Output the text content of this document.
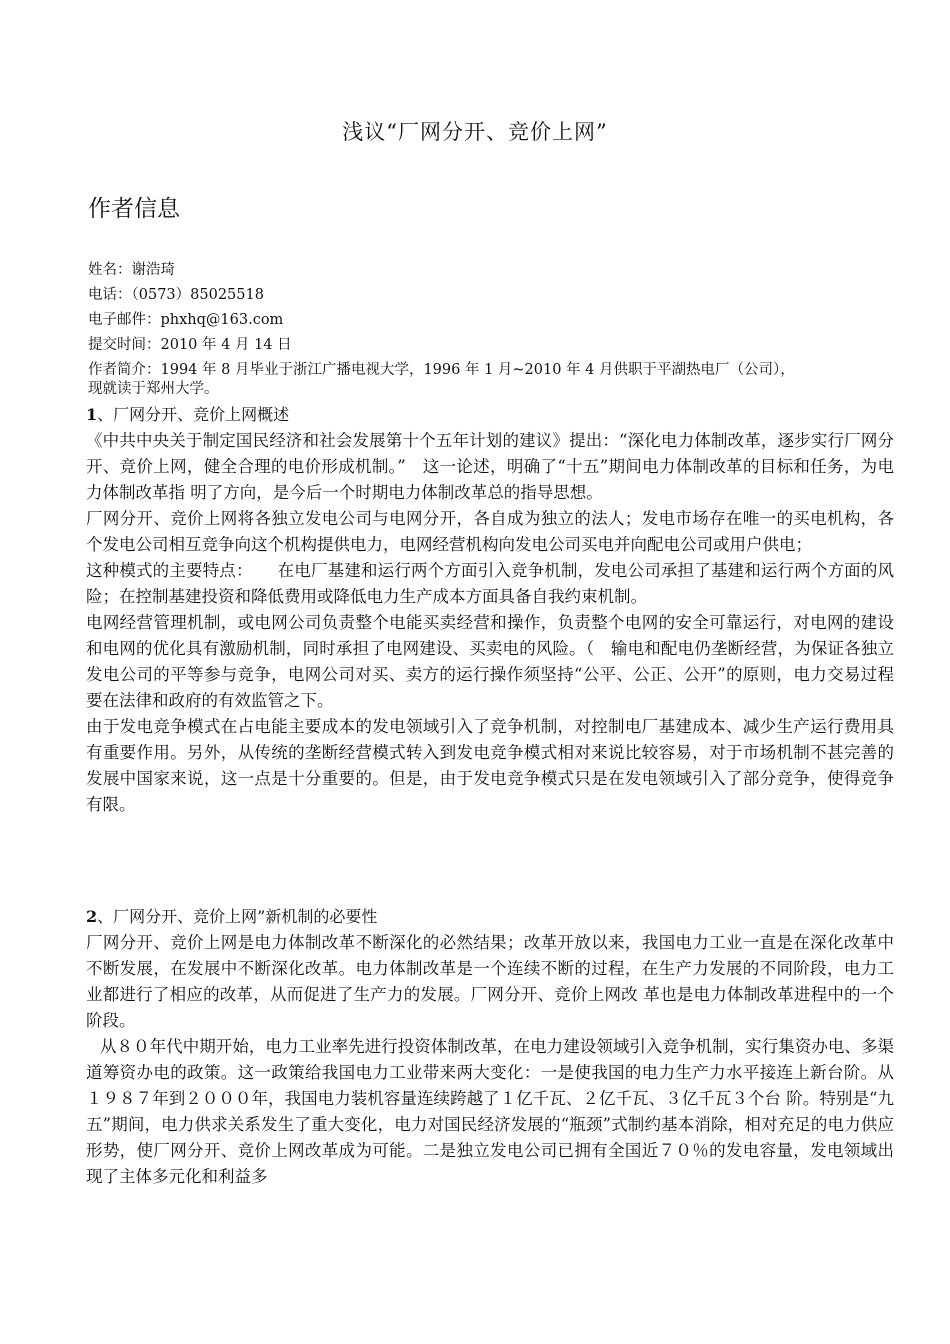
浅议“厂网分开、竞价上网”
作者信息
姓名：谢浩琦
电话：（0573）85025518
电子邮件：phxhq@163.com
提交时间：2010 年 4 月 14 日
作者简介：1994 年 8 月毕业于浙江广播电视大学，1996 年 1 月~2010 年 4 月供职于平湖热电厂（公司），现就读于郑州大学。

1、厂网分开、竞价上网概述

《中共中央关于制定国民经济和社会发展第十个五年计划的建议》提出：“深化电力体制改革，逐步实行厂网分开、竞价上网，健全合理的电价形成机制。”　这一论述，明确了“十五”期间电力体制改革的目标和任务，为电力体制改革指 明了方向，是今后一个时期电力体制改革总的指导思想。

厂网分开、竞价上网将各独立发电公司与电网分开，各自成为独立的法人；发电市场存在唯一的买电机构，各个发电公司相互竞争向这个机构提供电力，电网经营机构向发电公司买电并向配电公司或用户供电；

这种模式的主要特点：　　在电厂基建和运行两个方面引入竞争机制，发电公司承担了基建和运行两个方面的风险；在控制基建投资和降低费用或降低电力生产成本方面具备自我约束机制。

电网经营管理机制，或电网公司负责整个电能买卖经营和操作，负责整个电网的安全可靠运行，对电网的建设和电网的优化具有激励机制，同时承担了电网建设、买卖电的风险。（　输电和配电仍垄断经营，为保证各独立发电公司的平等参与竞争，电网公司对买、卖方的运行操作须坚持“公平、公正、公开”的原则，电力交易过程要在法律和政府的有效监管之下。

由于发电竞争模式在占电能主要成本的发电领域引入了竞争机制，对控制电厂基建成本、减少生产运行费用具有重要作用。另外，从传统的垄断经营模式转入到发电竞争模式相对来说比较容易，对于市场机制不甚完善的发展中国家来说，这一点是十分重要的。但是，由于发电竞争模式只是在发电领域引入了部分竞争，使得竞争有限。

2、厂网分开、竞价上网”新机制的必要性

厂网分开、竞价上网是电力体制改革不断深化的必然结果；改革开放以来，我国电力工业一直是在深化改革中不断发展，在发展中不断深化改革。电力体制改革是一个连续不断的过程，在生产力发展的不同阶段，电力工业都进行了相应的改革，从而促进了生产力的发展。厂网分开、竞价上网改 革也是电力体制改革进程中的一个阶段。

从８０年代中期开始，电力工业率先进行投资体制改革，在电力建设领域引入竞争机制，实行集资办电、多渠道筹资办电的政策。这一政策给我国电力工业带来两大变化：一是使我国的电力生产力水平接连上新台阶。从１９８７年到２０００年，我国电力装机容量连续跨越了１亿千瓦、２亿千瓦、３亿千瓦３个台 阶。特别是“九五”期间，电力供求关系发生了重大变化，电力对国民经济发展的“瓶颈”式制约基本消除，相对充足的电力供应形势，使厂网分开、竞价上网改革成为可能。二是独立发电公司已拥有全国近７０％的发电容量，发电领域出现了主体多元化和利益多
